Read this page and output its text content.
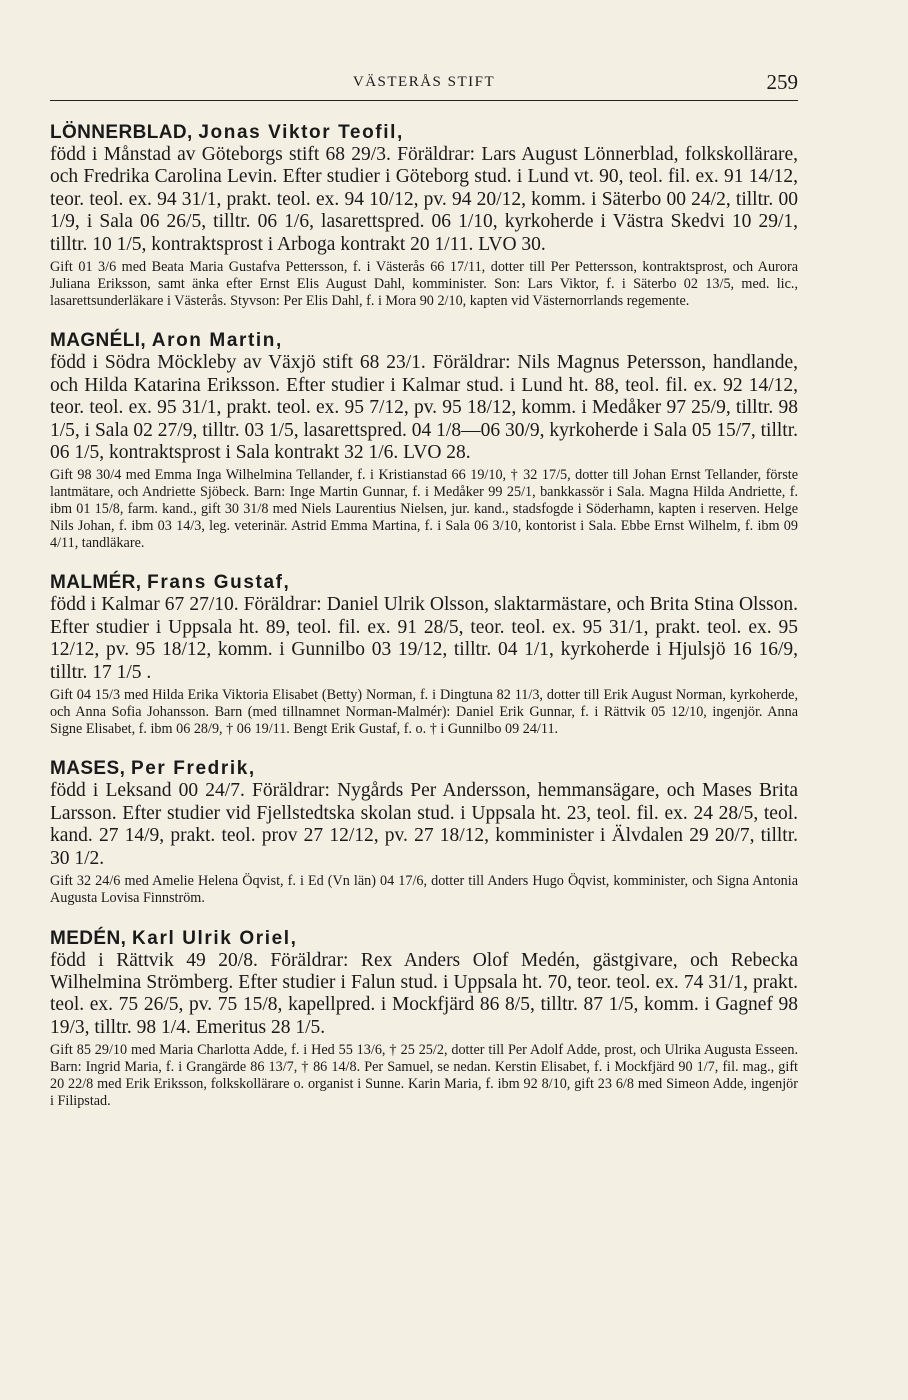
VÄSTERÅS STIFT	259
LÖNNERBLAD, Jonas Viktor Teofil,

född i Månstad av Göteborgs stift 68 29/3. Föräldrar: Lars August Lönnerblad, folkskollärare, och Fredrika Carolina Levin. Efter studier i Göteborg stud. i Lund vt. 90, teol. fil. ex. 91 14/12, teor. teol. ex. 94 31/1, prakt. teol. ex. 94 10/12, pv. 94 20/12, komm. i Säterbo 00 24/2, tilltr. 00 1/9, i Sala 06 26/5, tilltr. 06 1/6, lasarettspred. 06 1/10, kyrkoherde i Västra Skedvi 10 29/1, tilltr. 10 1/5, kontraktsprost i Arboga kontrakt 20 1/11. LVO 30.

Gift 01 3/6 med Beata Maria Gustafva Pettersson, f. i Västerås 66 17/11, dotter till Per Pettersson, kontraktsprost, och Aurora Juliana Eriksson, samt änka efter Ernst Elis August Dahl, komminister. Son: Lars Viktor, f. i Säterbo 02 13/5, med. lic., lasarettsunderläkare i Västerås. Styvson: Per Elis Dahl, f. i Mora 90 2/10, kapten vid Västernorrlands regemente.

MAGNÉLI, Aron Martin,

född i Södra Möckleby av Växjö stift 68 23/1. Föräldrar: Nils Magnus Petersson, handlande, och Hilda Katarina Eriksson. Efter studier i Kalmar stud. i Lund ht. 88, teol. fil. ex. 92 14/12, teor. teol. ex. 95 31/1, prakt. teol. ex. 95 7/12, pv. 95 18/12, komm. i Medåker 97 25/9, tilltr. 98 1/5, i Sala 02 27/9, tilltr. 03 1/5, lasarettspred. 04 1/8—06 30/9, kyrkoherde i Sala 05 15/7, tilltr. 06 1/5, kontraktsprost i Sala kontrakt 32 1/6. LVO 28.

Gift 98 30/4 med Emma Inga Wilhelmina Tellander, f. i Kristianstad 66 19/10, † 32 17/5, dotter till Johan Ernst Tellander, förste lantmätare, och Andriette Sjöbeck. Barn: Inge Martin Gunnar, f. i Medåker 99 25/1, bankkassör i Sala. Magna Hilda Andriette, f. ibm 01 15/8, farm. kand., gift 30 31/8 med Niels Laurentius Nielsen, jur. kand., stadsfogde i Söderhamn, kapten i reserven. Helge Nils Johan, f. ibm 03 14/3, leg. veterinär. Astrid Emma Martina, f. i Sala 06 3/10, kontorist i Sala. Ebbe Ernst Wilhelm, f. ibm 09 4/11, tandläkare.

MALMÉR, Frans Gustaf,

född i Kalmar 67 27/10. Föräldrar: Daniel Ulrik Olsson, slaktarmästare, och Brita Stina Olsson. Efter studier i Uppsala ht. 89, teol. fil. ex. 91 28/5, teor. teol. ex. 95 31/1, prakt. teol. ex. 95 12/12, pv. 95 18/12, komm. i Gunnilbo 03 19/12, tilltr. 04 1/1, kyrkoherde i Hjulsjö 16 16/9, tilltr. 17 1/5 .

Gift 04 15/3 med Hilda Erika Viktoria Elisabet (Betty) Norman, f. i Dingtuna 82 11/3, dotter till Erik August Norman, kyrkoherde, och Anna Sofia Johansson. Barn (med tillnamnet Norman-Malmér): Daniel Erik Gunnar, f. i Rättvik 05 12/10, ingenjör. Anna Signe Elisabet, f. ibm 06 28/9, † 06 19/11. Bengt Erik Gustaf, f. o. † i Gunnilbo 09 24/11.

MASES, Per Fredrik,

född i Leksand 00 24/7. Föräldrar: Nygårds Per Andersson, hemmansägare, och Mases Brita Larsson. Efter studier vid Fjellstedtska skolan stud. i Uppsala ht. 23, teol. fil. ex. 24 28/5, teol. kand. 27 14/9, prakt. teol. prov 27 12/12, pv. 27 18/12, komminister i Älvdalen 29 20/7, tilltr. 30 1/2.

Gift 32 24/6 med Amelie Helena Öqvist, f. i Ed (Vn län) 04 17/6, dotter till Anders Hugo Öqvist, komminister, och Signa Antonia Augusta Lovisa Finnström.

MEDÉN, Karl Ulrik Oriel,

född i Rättvik 49 20/8. Föräldrar: Rex Anders Olof Medén, gästgivare, och Rebecka Wilhelmina Strömberg. Efter studier i Falun stud. i Uppsala ht. 70, teor. teol. ex. 74 31/1, prakt. teol. ex. 75 26/5, pv. 75 15/8, kapellpred. i Mockfjärd 86 8/5, tilltr. 87 1/5, komm. i Gagnef 98 19/3, tilltr. 98 1/4. Emeritus 28 1/5.

Gift 85 29/10 med Maria Charlotta Adde, f. i Hed 55 13/6, † 25 25/2, dotter till Per Adolf Adde, prost, och Ulrika Augusta Esseen. Barn: Ingrid Maria, f. i Grangärde 86 13/7, † 86 14/8. Per Samuel, se nedan. Kerstin Elisabet, f. i Mockfjärd 90 1/7, fil. mag., gift 20 22/8 med Erik Eriksson, folkskollärare o. organist i Sunne. Karin Maria, f. ibm 92 8/10, gift 23 6/8 med Simeon Adde, ingenjör i Filipstad.
